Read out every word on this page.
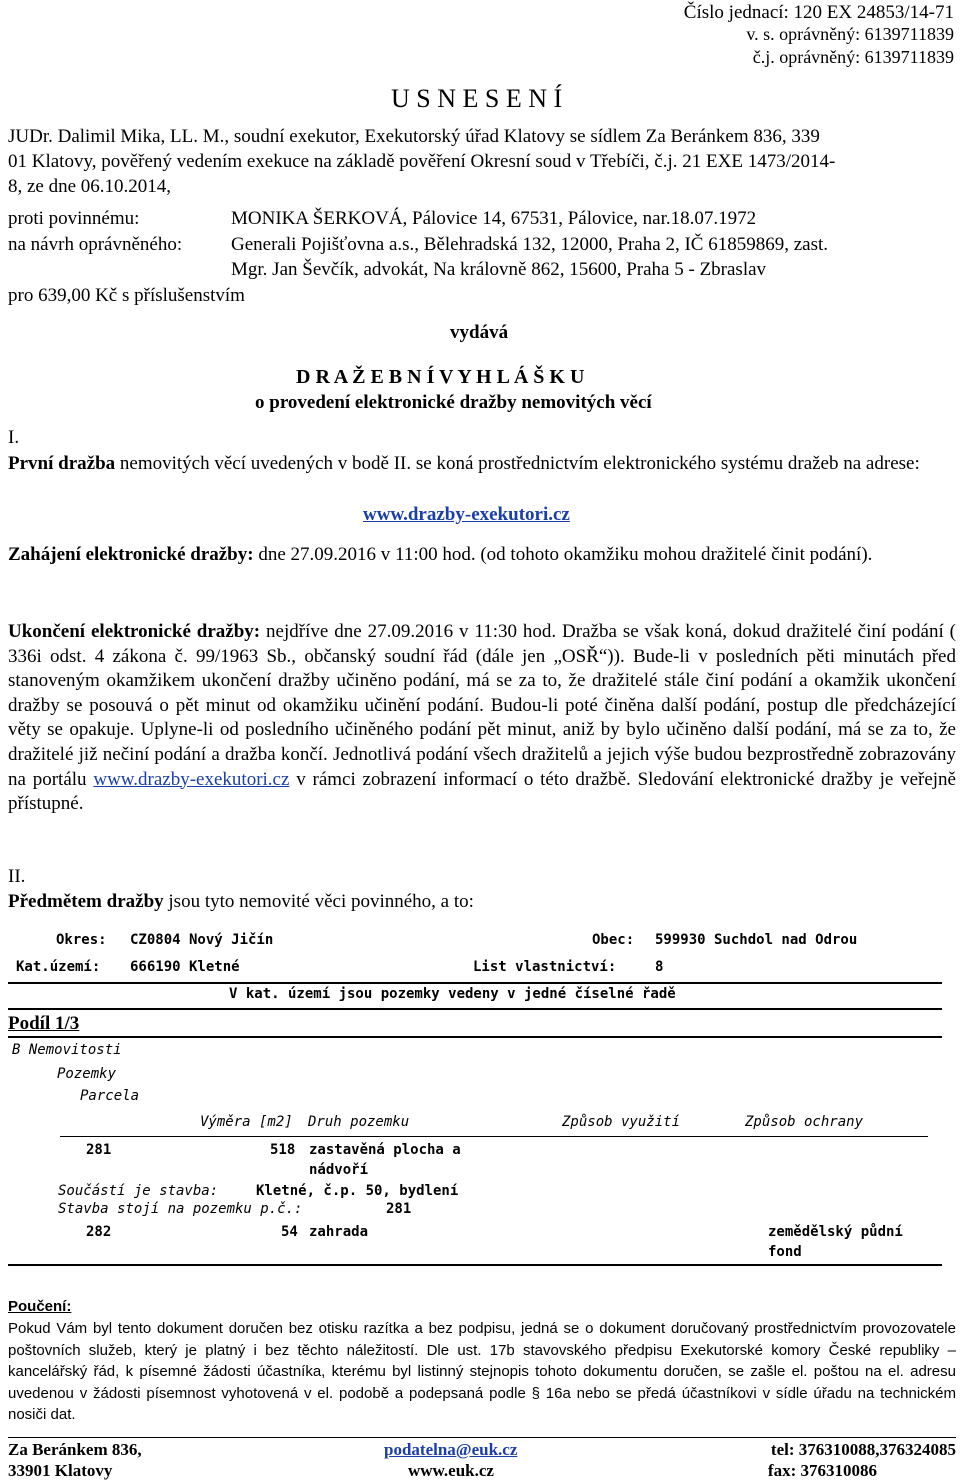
Číslo jednací: 120 EX 24853/14-71
v. s. oprávněný: 6139711839
č.j. oprávněný: 6139711839
U S N E S E N Í
JUDr. Dalimil Mika, LL. M., soudní exekutor, Exekutorský úřad Klatovy se sídlem Za Beránkem 836, 339
01 Klatovy, pověřený vedením exekuce na základě pověření Okresní soud v Třebíči, č.j. 21 EXE 1473/2014-
8, ze dne 06.10.2014,
proti povinnému:	MONIKA ŠERKOVÁ, Pálovice 14, 67531, Pálovice, nar.18.07.1972
na návrh oprávněného:	Generali Pojišťovna a.s., Bělehradská 132, 12000, Praha 2, IČ 61859869, zast.
Mgr. Jan Ševčík, advokát, Na královně 862, 15600, Praha 5 - Zbraslav
pro 639,00 Kč s příslušenstvím
vydává
D R A Ž E B N Í V Y H L Á Š K U
o provedení elektronické dražby nemovitých věcí
I.
První dražba nemovitých věcí uvedených v bodě II. se koná prostřednictvím elektronického systému dražeb na adrese:
www.drazby-exekutori.cz
Zahájení elektronické dražby: dne 27.09.2016 v 11:00 hod. (od tohoto okamžiku mohou dražitelé činit podání).
Ukončení elektronické dražby: nejdříve dne 27.09.2016 v 11:30 hod. Dražba se však koná, dokud dražitelé činí podání ( 336i odst. 4 zákona č. 99/1963 Sb., občanský soudní řád (dále jen „OSŘ“)). Bude-li v posledních pěti minutách před stanoveným okamžikem ukončení dražby učiněno podání, má se za to, že dražitelé stále činí podání a okamžik ukončení dražby se posouvá o pět minut od okamžiku učinění podání. Budou-li poté činěna další podání, postup dle předcházející věty se opakuje. Uplyne-li od posledního učiněného podání pět minut, aniž by bylo učiněno další podání, má se za to, že dražitelé již nečiní podání a dražba končí. Jednotlivá podání všech dražitelů a jejich výše budou bezprostředně zobrazovány na portálu www.drazby-exekutori.cz v rámci zobrazení informací o této dražbě. Sledování elektronické dražby je veřejně přístupné.
II.
Předmětem dražby jsou tyto nemovité věci povinného, a to:
Okres: CZ0804 Nový Jičín	Obec: 599930 Suchdol nad Odrou
Kat.území: 666190 Kletné	List vlastnictví:	8
V kat. území jsou pozemky vedeny v jedné číselné řadě
Podíl 1/3
B Nemovitosti
Pozemky
Parcela
Výměra [m2] Druh pozemku	Způsob využití	Způsob ochrany
281	518 zastavěná plocha a
nádvoří
Součástí je stavba:	Kletné, č.p. 50, bydlení
Stavba stojí na pozemku p.č.:	281
282	54 zahrada	zemědělský půdní
fond
Poučení:
Pokud Vám byl tento dokument doručen bez otisku razítka a bez podpisu, jedná se o dokument doručovaný prostřednictvím provozovatele poštovních služeb, který je platný i bez těchto náležitostí. Dle ust. 17b stavovského předpisu Exekutorské komory České republiky – kancelářský řád, k písemné žádosti účastníka, kterému byl listinný stejnopis tohoto dokumentu doručen, se zašle el. poštou na el. adresu uvedenou v žádosti písemnost vyhotovená v el. podobě a podepsaná podle § 16a nebo se předá účastníkovi v sídle úřadu na technickém nosiči dat.
Za Beránkem 836,
33901 Klatovy
podatelna@euk.cz
www.euk.cz
tel: 376310088,376324085
fax: 376310086
